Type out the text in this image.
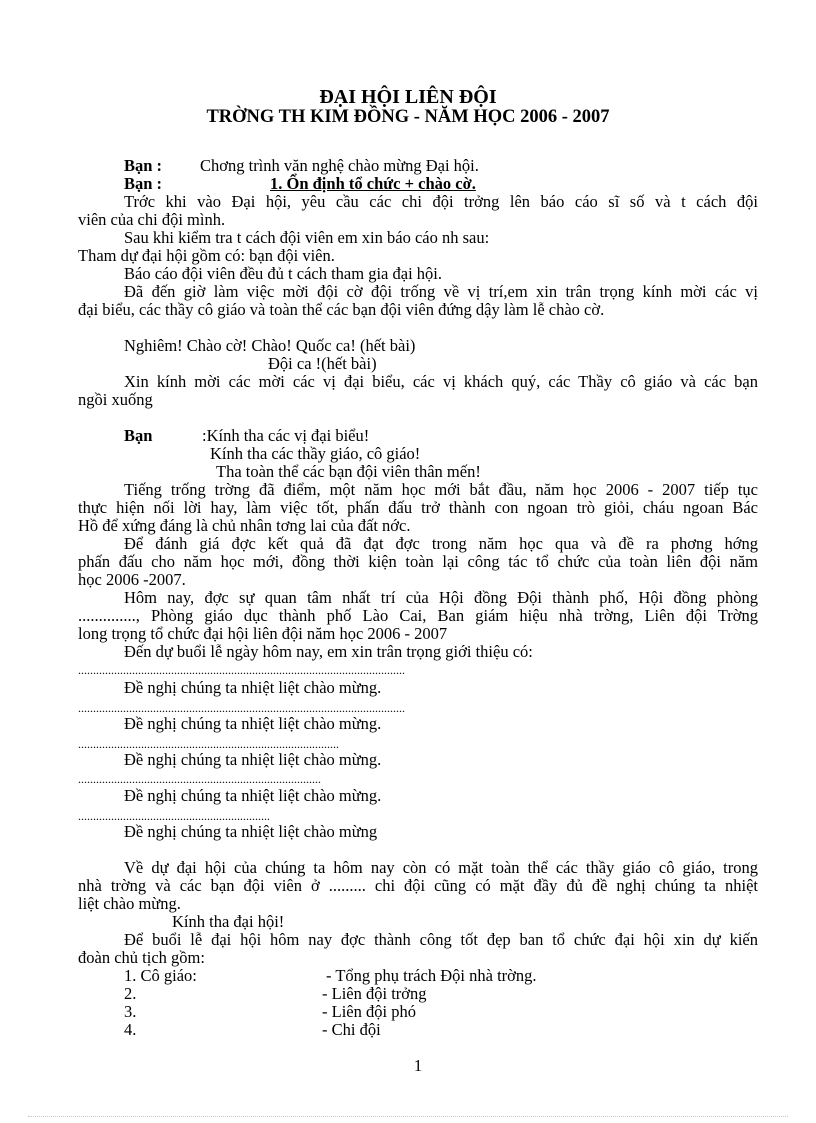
ĐẠI HỘI LIÊN ĐỘI
TRỜNG TH KIM ĐỒNG - NĂM HỌC 2006 - 2007
Bạn : Chơng trình văn nghệ chào mừng Đại hội.
Bạn :	1. Ổn định tổ chức + chào cờ.
Trớc khi vào Đại hội, yêu cầu các chi đội trởng lên báo cáo sĩ số và t cách đội
viên của chi đội mình.
Sau khi kiểm tra t cách đội viên em xin báo cáo nh sau:
Tham dự đại hội gồm có: bạn đội viên.
Báo cáo đội viên đều đủ t cách tham gia đại hội.
Đã đến giờ làm việc mời đội cờ đội trống về vị trí,em xin trân trọng kính mời các vị
đại biểu, các thầy cô giáo và toàn thể các bạn đội viên đứng dậy làm lễ chào cờ.
Nghiêm! Chào cờ! Chào! Quốc ca! (hết bài)
Đội ca !(hết bài)
Xin kính mời các mời các vị đại biểu, các vị khách quý, các Thầy cô giáo và các bạn
ngồi xuống
Bạn	:Kính tha các vị đại biểu!
Kính tha các thầy giáo, cô giáo!
Tha toàn thể các bạn đội viên thân mến!
Tiếng trống trờng đã điểm, một năm học mới bắt đầu, năm học 2006 - 2007 tiếp tục
thực hiện nối lời hay, làm việc tốt, phấn đấu trở thành con ngoan trò giỏi, cháu ngoan Bác
Hồ để xứng đáng là chủ nhân tơng lai của đất nớc.
Để đánh giá đợc kết quả đã đạt đợc trong năm học qua và đề ra phơng hớng
phấn đấu cho năm học mới, đồng thời kiện toàn lại công tác tổ chức của toàn liên đội năm
học 2006 -2007.
Hôm nay, đợc sự quan tâm nhất trí của Hội đồng Đội thành phố, Hội đồng phòng
.............., Phòng giáo dục thành phố Lào Cai, Ban giám hiệu nhà trờng, Liên đội Trờng
long trọng tổ chức đại hội liên đội năm học 2006 - 2007
Đến dự buổi lễ ngày hôm nay, em xin trân trọng giới thiệu có:
.............................................................................................................
Đề nghị chúng ta nhiệt liệt chào mừng.
.............................................................................................................
Đề nghị chúng ta nhiệt liệt chào mừng.
.......................................................................................
Đề nghị chúng ta nhiệt liệt chào mừng.
.................................................................................
Đề nghị chúng ta nhiệt liệt chào mừng.
................................................................
Đề nghị chúng ta nhiệt liệt chào mừng
Về dự đại hội của chúng ta hôm nay còn có mặt toàn thể các thầy giáo cô giáo, trong
nhà trờng và các bạn đội viên ở ......... chi đội cũng có mặt đầy đủ đề nghị chúng ta nhiệt
liệt chào mừng.
Kính tha đại hội!
Để buổi lễ đại hội hôm nay đợc thành công tốt đẹp ban tổ chức đại hội xin dự kiến
đoàn chủ tịch gồm:
1. Cô giáo:	- Tổng phụ trách Đội nhà trờng.
2.	- Liên đội trởng
3.	- Liên đội phó
4.	- Chi đội
1
